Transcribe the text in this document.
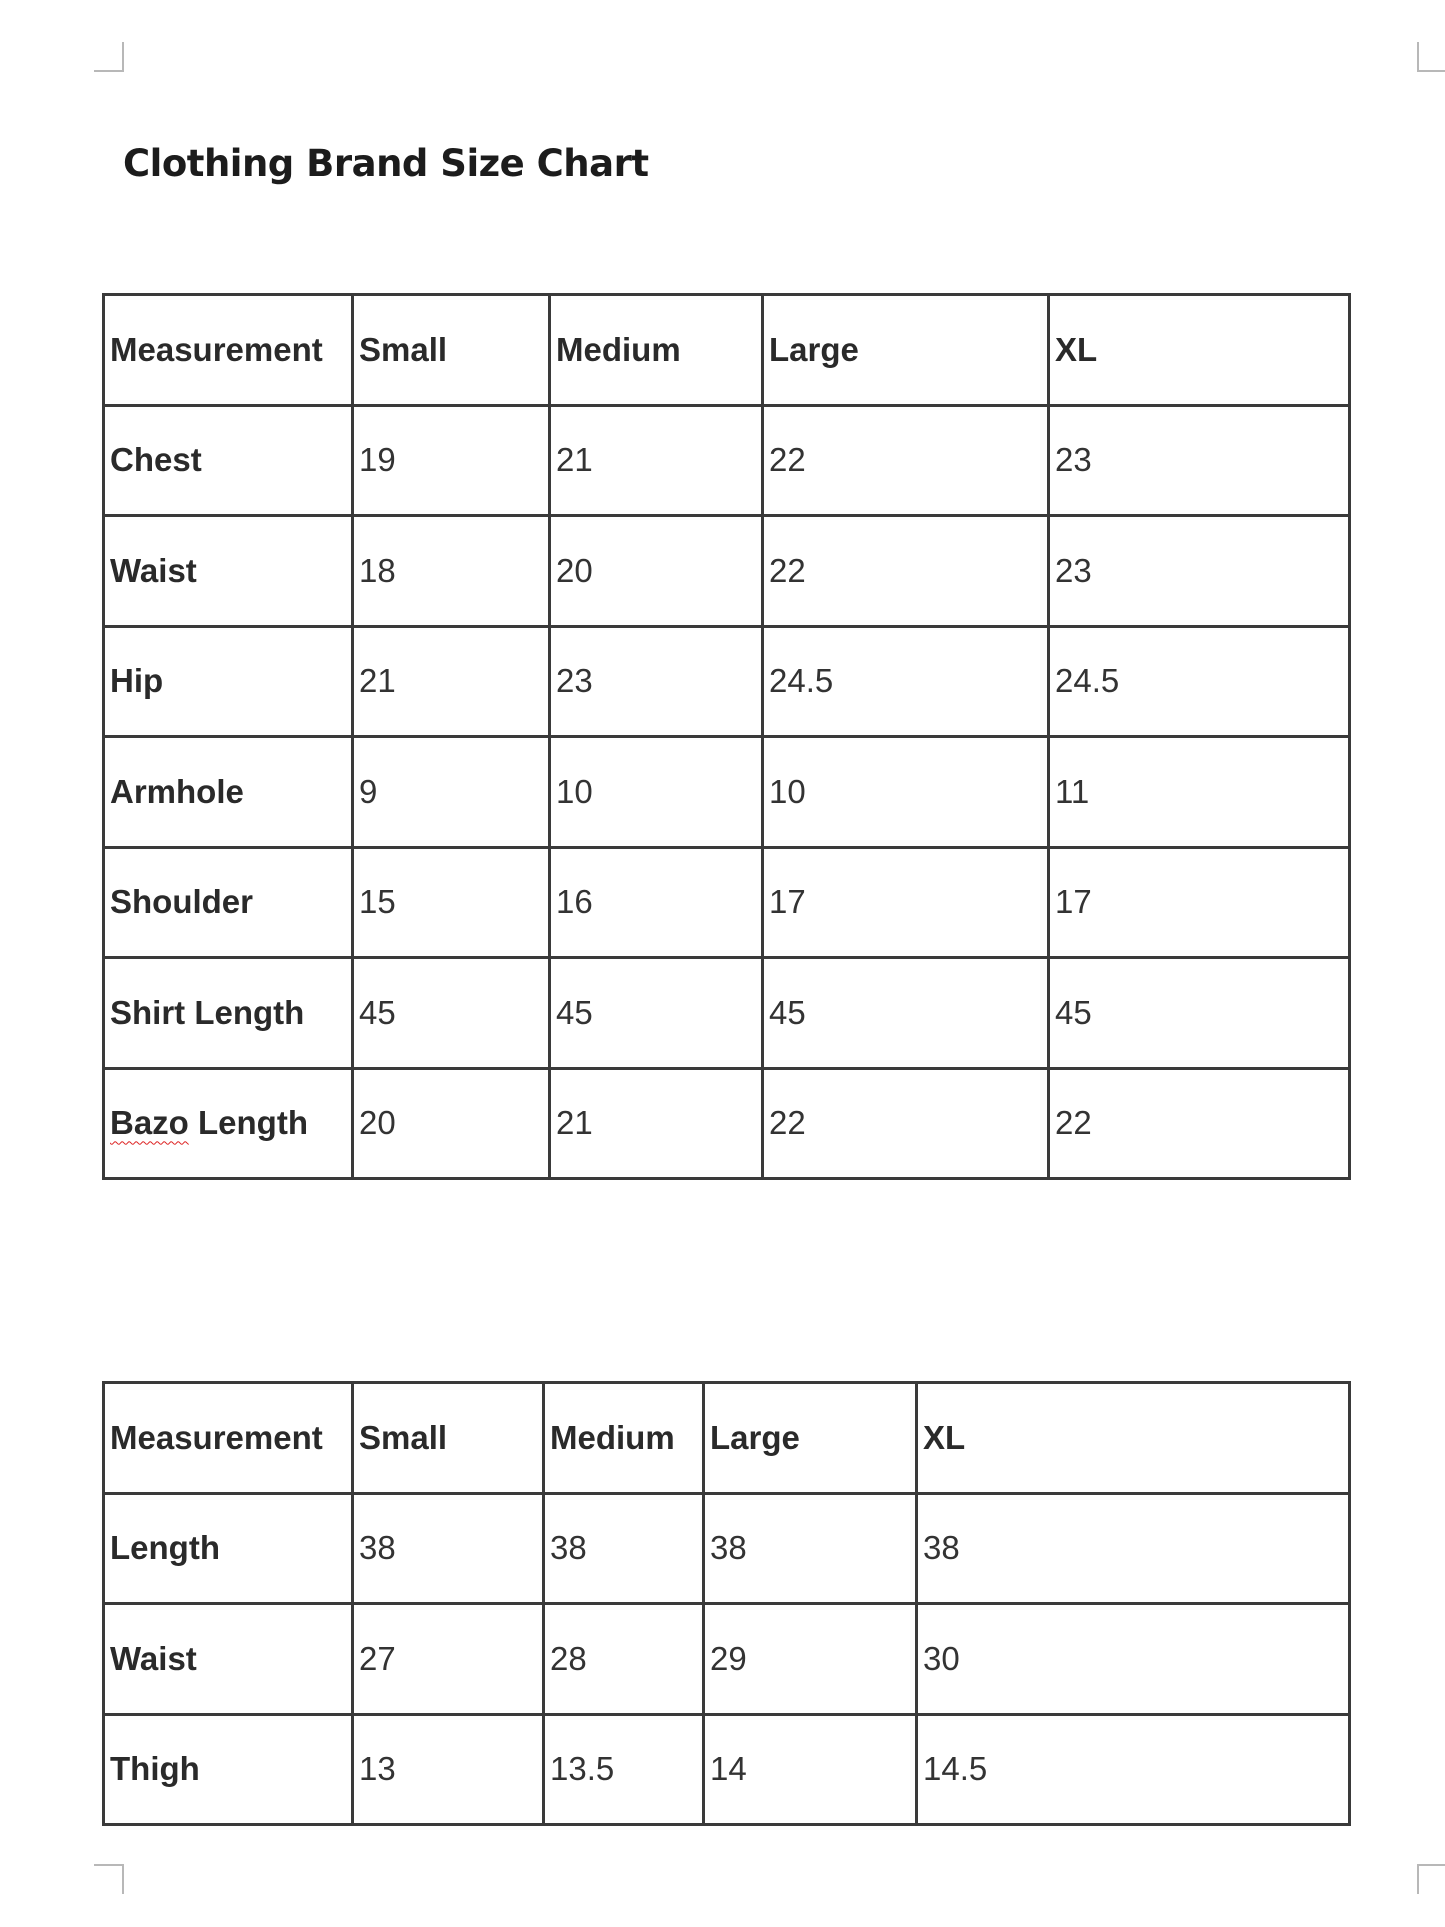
Clothing Brand Size Chart
Measurement	Small	Medium	Large	XL
Chest	19	21	22	23
Waist	18	20	22	23
Hip	21	23	24.5	24.5
Armhole	9	10	10	11
Shoulder	15	16	17	17
Shirt Length	45	45	45	45
Bazo Length	20	21	22	22
Measurement	Small	Medium	Large	XL
Length	38	38	38	38
Waist	27	28	29	30
Thigh	13	13.5	14	14.5
